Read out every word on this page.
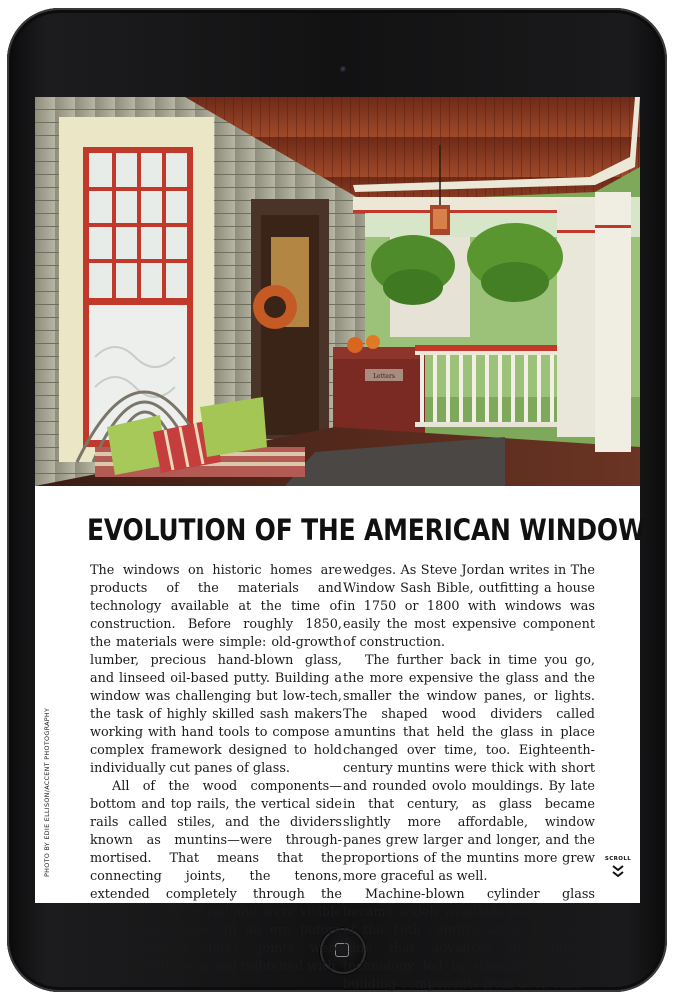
Letters
PHOTO BY EDIE ELLISON/ACCENT PHOTOGRAPHY
EVOLUTION OF THE AMERICAN WINDOW

The windows on historic homes are products of the materials and technology available at the time of construction. Before roughly 1850, the materials were simple: old-growth lumber, precious hand-blown glass, and linseed oil-based putty. Building a window was challenging but low-tech, the task of highly skilled sash makers working with hand tools to compose a complex framework designed to hold individually cut panes of glass.

All of the wood components—bottom and top rails, the vertical side rails called stiles, and the dividers known as muntins—were through-mortised. That means that the connecting joints, the tenons, extended completely through the adjoining stile or rail and were visible along sash edges. In an era before water-resistant glues, joints were secured with pegs and tightened with

wedges. As Steve Jordan writes in The Window Sash Bible, outfitting a house in 1750 or 1800 with windows was easily the most expensive component of construction.

The further back in time you go, the more expensive the glass and the smaller the window panes, or lights. The shaped wood dividers called muntins that held the glass in place changed over time, too. Eighteenth-century muntins were thick with short and rounded ovolo mouldings. By late in that century, as glass became slightly more affordable, window panes grew larger and longer, and the proportions of the muntins more grew more graceful as well.

Machine-blown cylinder glass became widely available near the end of the 19th century, about the same time that advances in millwork technology led to standardization in building components from door case-

SCROLL
